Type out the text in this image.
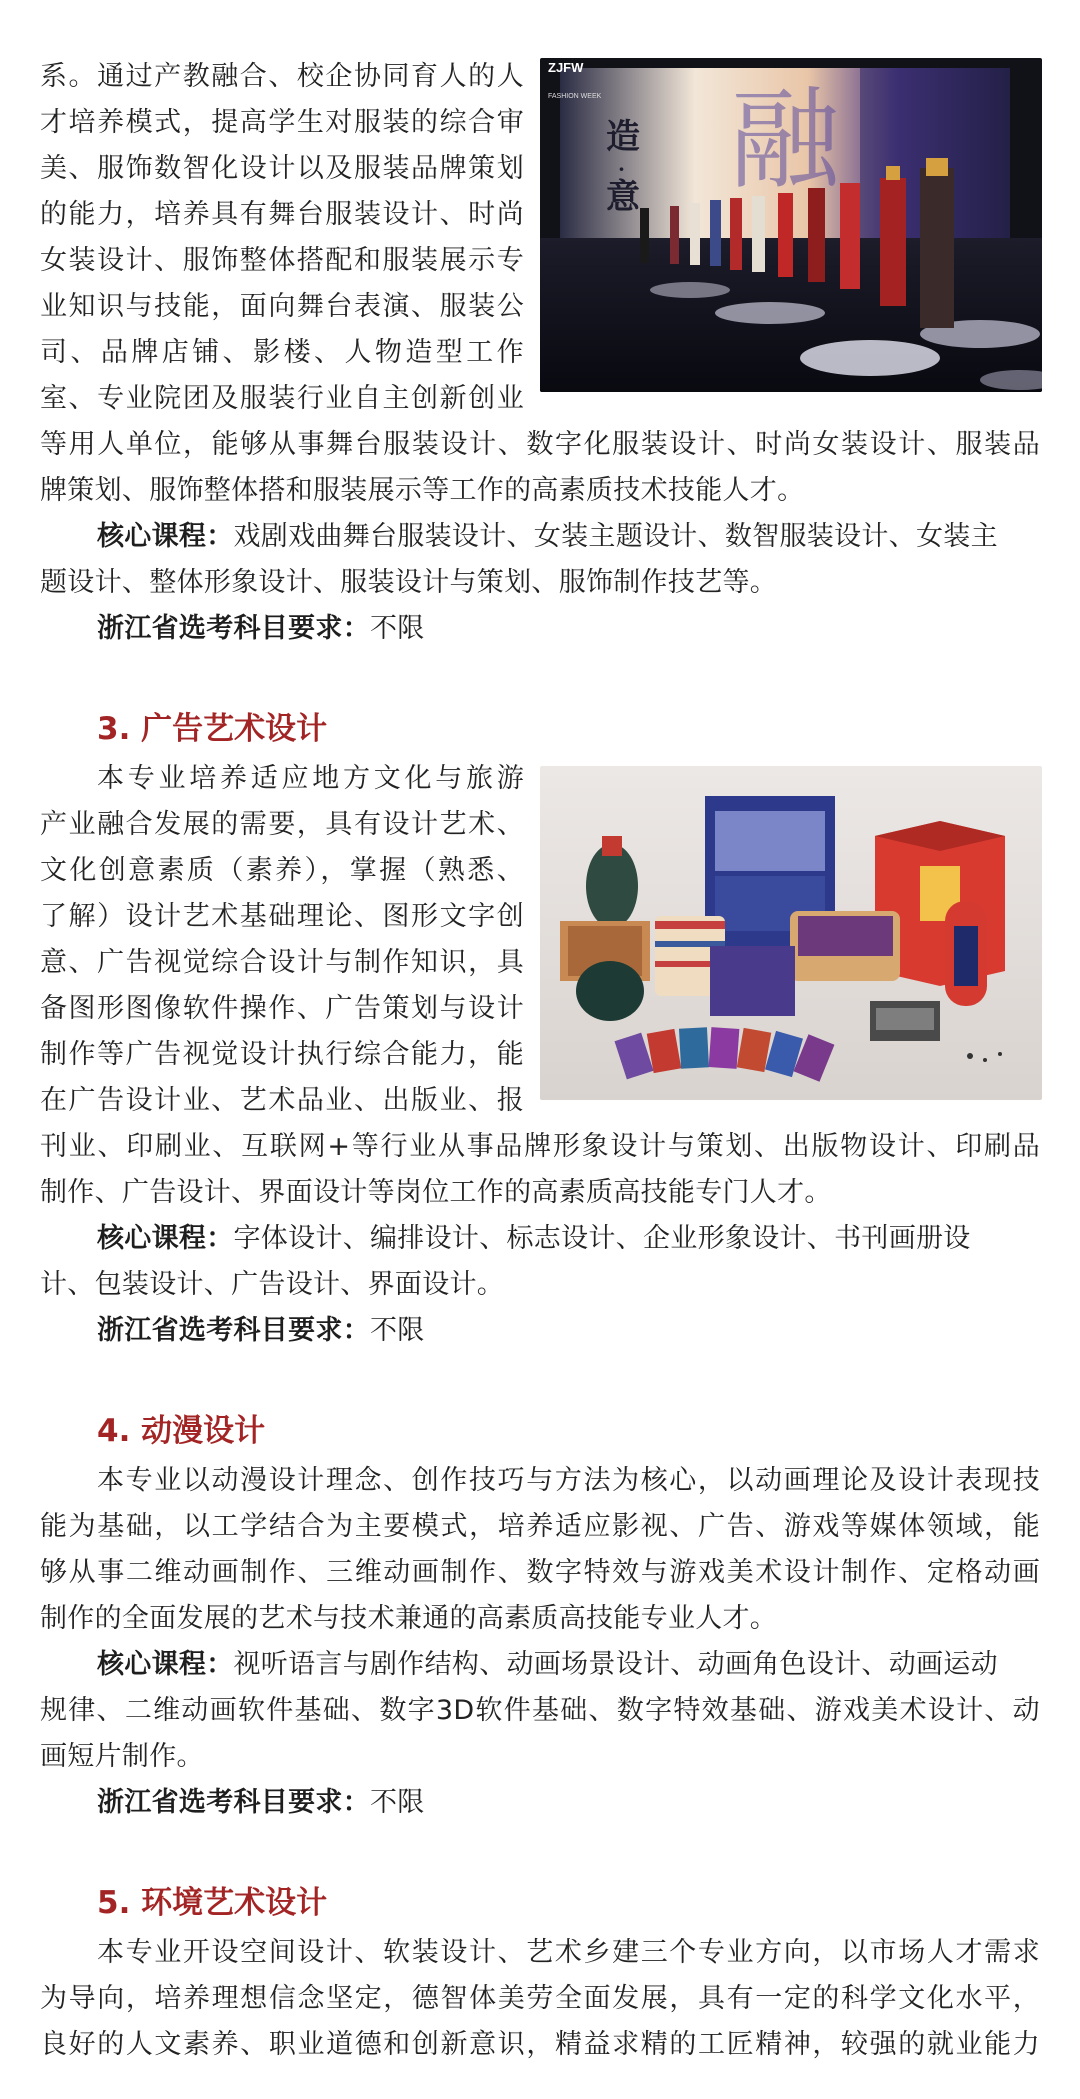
系。通过产教融合、校企协同育人的人
才培养模式，提高学生对服装的综合审
美、服饰数智化设计以及服装品牌策划
的能力，培养具有舞台服装设计、时尚
女装设计、服饰整体搭配和服装展示专
业知识与技能，面向舞台表演、服装公
司、品牌店铺、影楼、人物造型工作
室、专业院团及服装行业自主创新创业
等用人单位，能够从事舞台服装设计、数字化服装设计、时尚女装设计、服装品
牌策划、服饰整体搭和服装展示等工作的高素质技术技能人才。
核心课程：戏剧戏曲舞台服装设计、女装主题设计、数智服装设计、女装主
题设计、整体形象设计、服装设计与策划、服饰制作技艺等。
浙江省选考科目要求：不限
ZJFW
FASHION WEEK
造
·
意 融
3. 广告艺术设计
本专业培养适应地方文化与旅游
产业融合发展的需要，具有设计艺术、
文化创意素质（素养），掌握（熟悉、
了解）设计艺术基础理论、图形文字创
意、广告视觉综合设计与制作知识，具
备图形图像软件操作、广告策划与设计
制作等广告视觉设计执行综合能力，能
在广告设计业、艺术品业、出版业、报
刊业、印刷业、互联网+等行业从事品牌形象设计与策划、出版物设计、印刷品
制作、广告设计、界面设计等岗位工作的高素质高技能专门人才。
核心课程：字体设计、编排设计、标志设计、企业形象设计、书刊画册设
计、包装设计、广告设计、界面设计。
浙江省选考科目要求：不限
4. 动漫设计
本专业以动漫设计理念、创作技巧与方法为核心，以动画理论及设计表现技
能为基础，以工学结合为主要模式，培养适应影视、广告、游戏等媒体领域，能
够从事二维动画制作、三维动画制作、数字特效与游戏美术设计制作、定格动画
制作的全面发展的艺术与技术兼通的高素质高技能专业人才。
核心课程：视听语言与剧作结构、动画场景设计、动画角色设计、动画运动
规律、二维动画软件基础、数字3D软件基础、数字特效基础、游戏美术设计、动
画短片制作。
浙江省选考科目要求：不限
5. 环境艺术设计
本专业开设空间设计、软装设计、艺术乡建三个专业方向，以市场人才需求
为导向，培养理想信念坚定，德智体美劳全面发展，具有一定的科学文化水平，
良好的人文素养、职业道德和创新意识，精益求精的工匠精神，较强的就业能力
